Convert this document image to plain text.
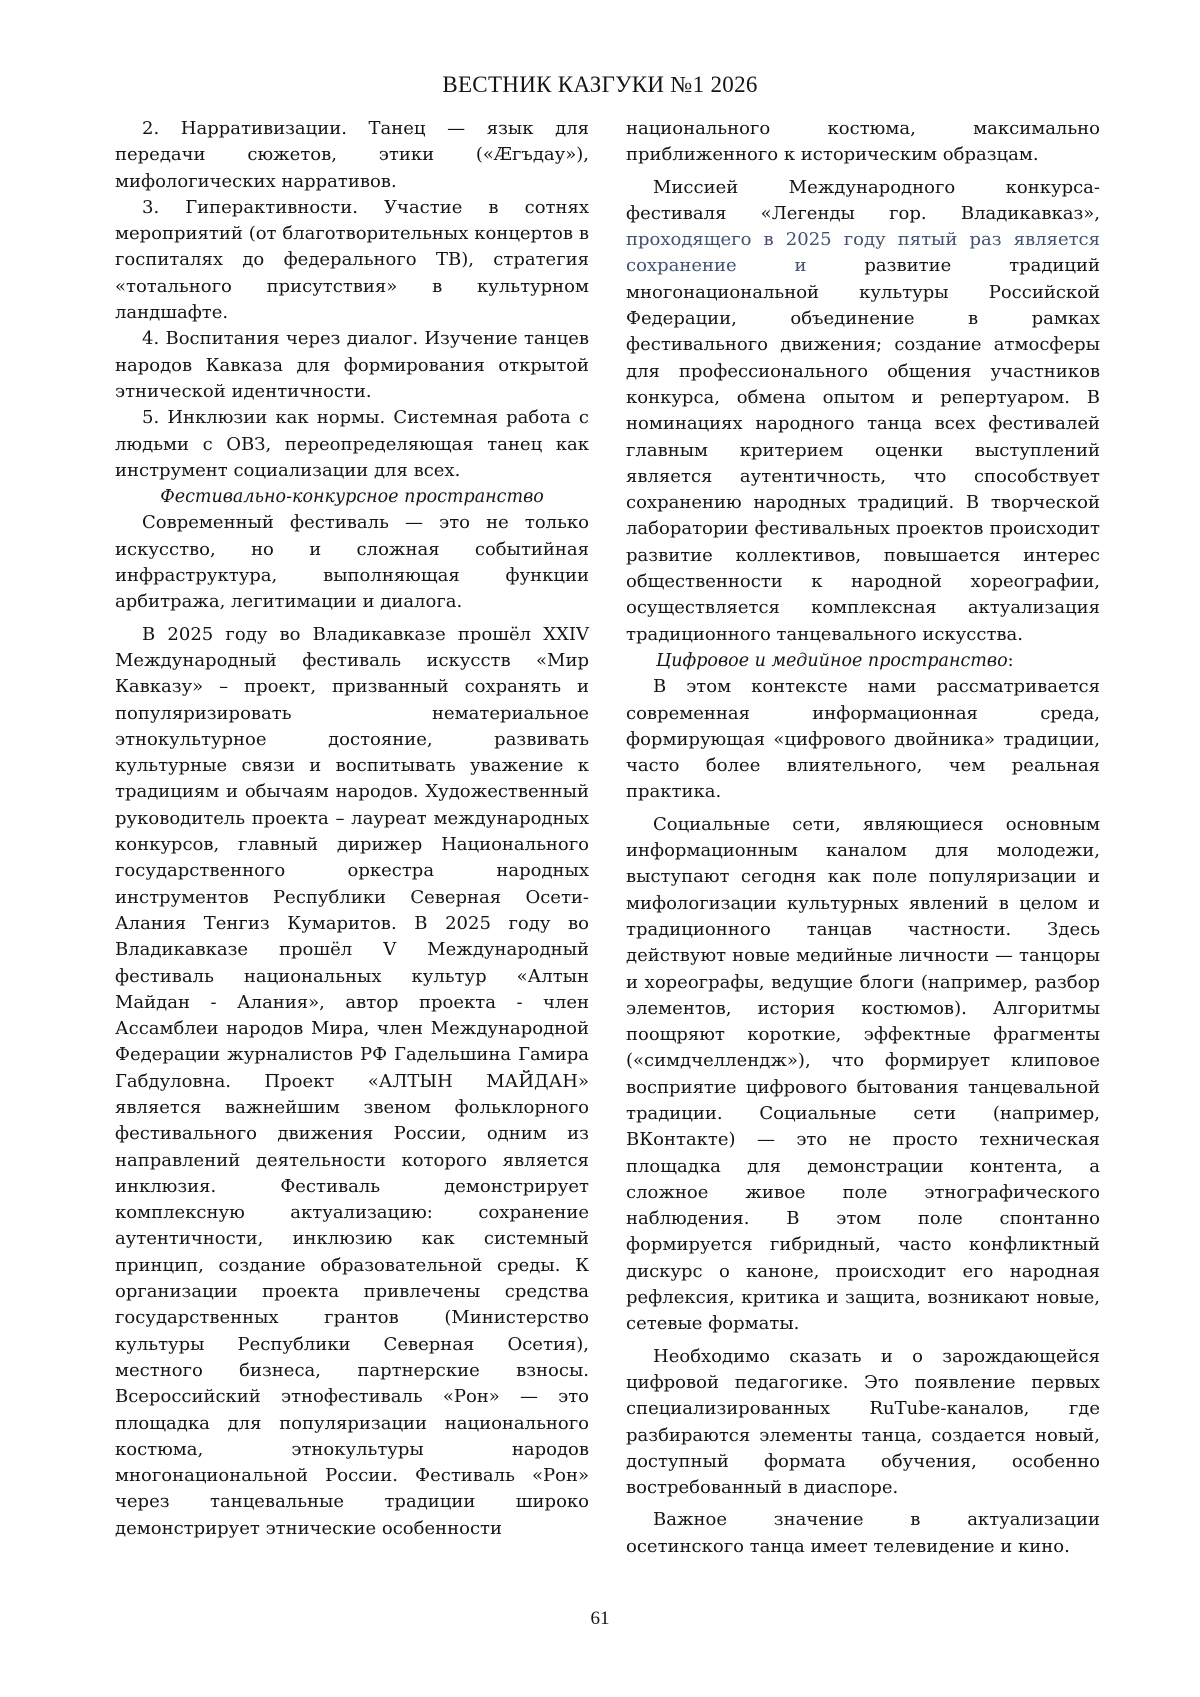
ВЕСТНИК КАЗГУКИ №1 2026

2. Нарративизации. Танец — язык для передачи сюжетов, этики («Æгъдау»), мифологических нарративов.

3. Гиперактивности. Участие в сотнях мероприятий (от благотворительных концертов в госпиталях до федерального ТВ), стратегия «тотального присутствия» в культурном ландшафте.

4. Воспитания через диалог. Изучение танцев народов Кавказа для формирования открытой этнической идентичности.

5. Инклюзии как нормы. Системная работа с людьми с ОВЗ, переопределяющая танец как инструмент социализации для всех.

Фестивально-конкурсное пространство

Современный фестиваль — это не только искусство, но и сложная событийная инфраструктура, выполняющая функции арбитража, легитимации и диалога.

В 2025 году во Владикавказе прошёл XXIV Международный фестиваль искусств «Мир Кавказу» – проект, призванный сохранять и популяризировать нематериальное этнокультурное достояние, развивать культурные связи и воспитывать уважение к традициям и обычаям народов. Художественный руководитель проекта – лауреат международных конкурсов, главный дирижер Национального государственного оркестра народных инструментов Республики Северная Осети-Алания Тенгиз Кумаритов. В 2025 году во Владикавказе прошёл V Международный фестиваль национальных культур «Алтын Майдан - Алания», автор проекта - член Ассамблеи народов Мира, член Международной Федерации журналистов РФ Гадельшина Гамира Габдуловна. Проект «АЛТЫН МАЙДАН» является важнейшим звеном фольклорного фестивального движения России, одним из направлений деятельности которого является инклюзия. Фестиваль демонстрирует комплексную актуализацию: сохранение аутентичности, инклюзию как системный принцип, создание образовательной среды. К организации проекта привлечены средства государственных грантов (Министерство культуры Республики Северная Осетия), местного бизнеса, партнерские взносы. Всероссийский этнофестиваль «Рон» — это площадка для популяризации национального костюма, этнокультуры народов многонациональной России. Фестиваль «Рон» через танцевальные традиции широко демонстрирует этнические особенности

национального костюма, максимально приближенного к историческим образцам.

Миссией Международного конкурса-фестиваля «Легенды гор. Владикавказ», проходящего в 2025 году пятый раз является сохранение и развитие традиций многонациональной культуры Российской Федерации, объединение в рамках фестивального движения; создание атмосферы для профессионального общения участников конкурса, обмена опытом и репертуаром. В номинациях народного танца всех фестивалей главным критерием оценки выступлений является аутентичность, что способствует сохранению народных традиций. В творческой лаборатории фестивальных проектов происходит развитие коллективов, повышается интерес общественности к народной хореографии, осуществляется комплексная актуализация традиционного танцевального искусства.

Цифровое и медийное пространство:

В этом контексте нами рассматривается современная информационная среда, формирующая «цифрового двойника» традиции, часто более влиятельного, чем реальная практика.

Социальные сети, являющиеся основным информационным каналом для молодежи, выступают сегодня как поле популяризации и мифологизации культурных явлений в целом и традиционного танцав частности. Здесь действуют новые медийные личности — танцоры и хореографы, ведущие блоги (например, разбор элементов, история костюмов). Алгоритмы поощряют короткие, эффектные фрагменты («симдчеллендж»), что формирует клиповое восприятие цифрового бытования танцевальной традиции. Социальные сети (например, ВКонтакте) — это не просто техническая площадка для демонстрации контента, а сложное живое поле этнографического наблюдения. В этом поле спонтанно формируется гибридный, часто конфликтный дискурс о каноне, происходит его народная рефлексия, критика и защита, возникают новые, сетевые форматы.

Необходимо сказать и о зарождающейся цифровой педагогике. Это появление первых специализированных RuTube-каналов, где разбираются элементы танца, создается новый, доступный формата обучения, особенно востребованный в диаспоре.

Важное значение в актуализации осетинского танца имеет телевидение и кино.

61
